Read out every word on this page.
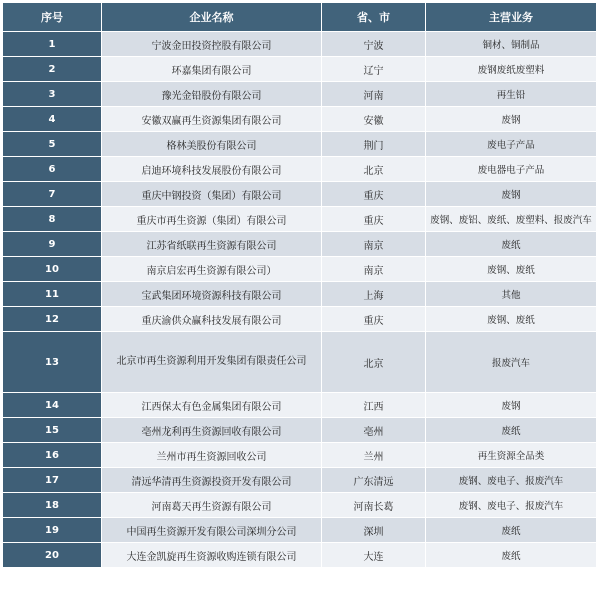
序号	企业名称	省、市	主营业务
1	宁波金田投资控股有限公司	宁波	铜材、铜制品
2	环嘉集团有限公司	辽宁	废钢废纸废塑料
3	豫光金铅股份有限公司	河南	再生铅
4	安徽双赢再生资源集团有限公司	安徽	废钢
5	格林美股份有限公司	荆门	废电子产品
6	启迪环境科技发展股份有限公司	北京	废电器电子产品
7	重庆中钢投资（集团）有限公司	重庆	废钢
8	重庆市再生资源（集团）有限公司	重庆	废钢、废铝、废纸、废塑料、报废汽车
9	江苏省纸联再生资源有限公司	南京	废纸
10	南京启宏再生资源有限公司）	南京	废钢、废纸
11	宝武集团环境资源科技有限公司	上海	其他
12	重庆渝供众赢科技发展有限公司	重庆	废钢、废纸
13	北京市再生资源利用开发集团有限责任公司	北京	报废汽车
14	江西保太有色金属集团有限公司	江西	废钢
15	亳州龙利再生资源回收有限公司	亳州	废纸
16	兰州市再生资源回收公司	兰州	再生资源全品类
17	清远华清再生资源投资开发有限公司	广东清远	废钢、废电子、报废汽车
18	河南葛天再生资源有限公司	河南长葛	废钢、废电子、报废汽车
19	中国再生资源开发有限公司深圳分公司	深圳	废纸
20	大连金凯旋再生资源收购连锁有限公司	大连	废纸
